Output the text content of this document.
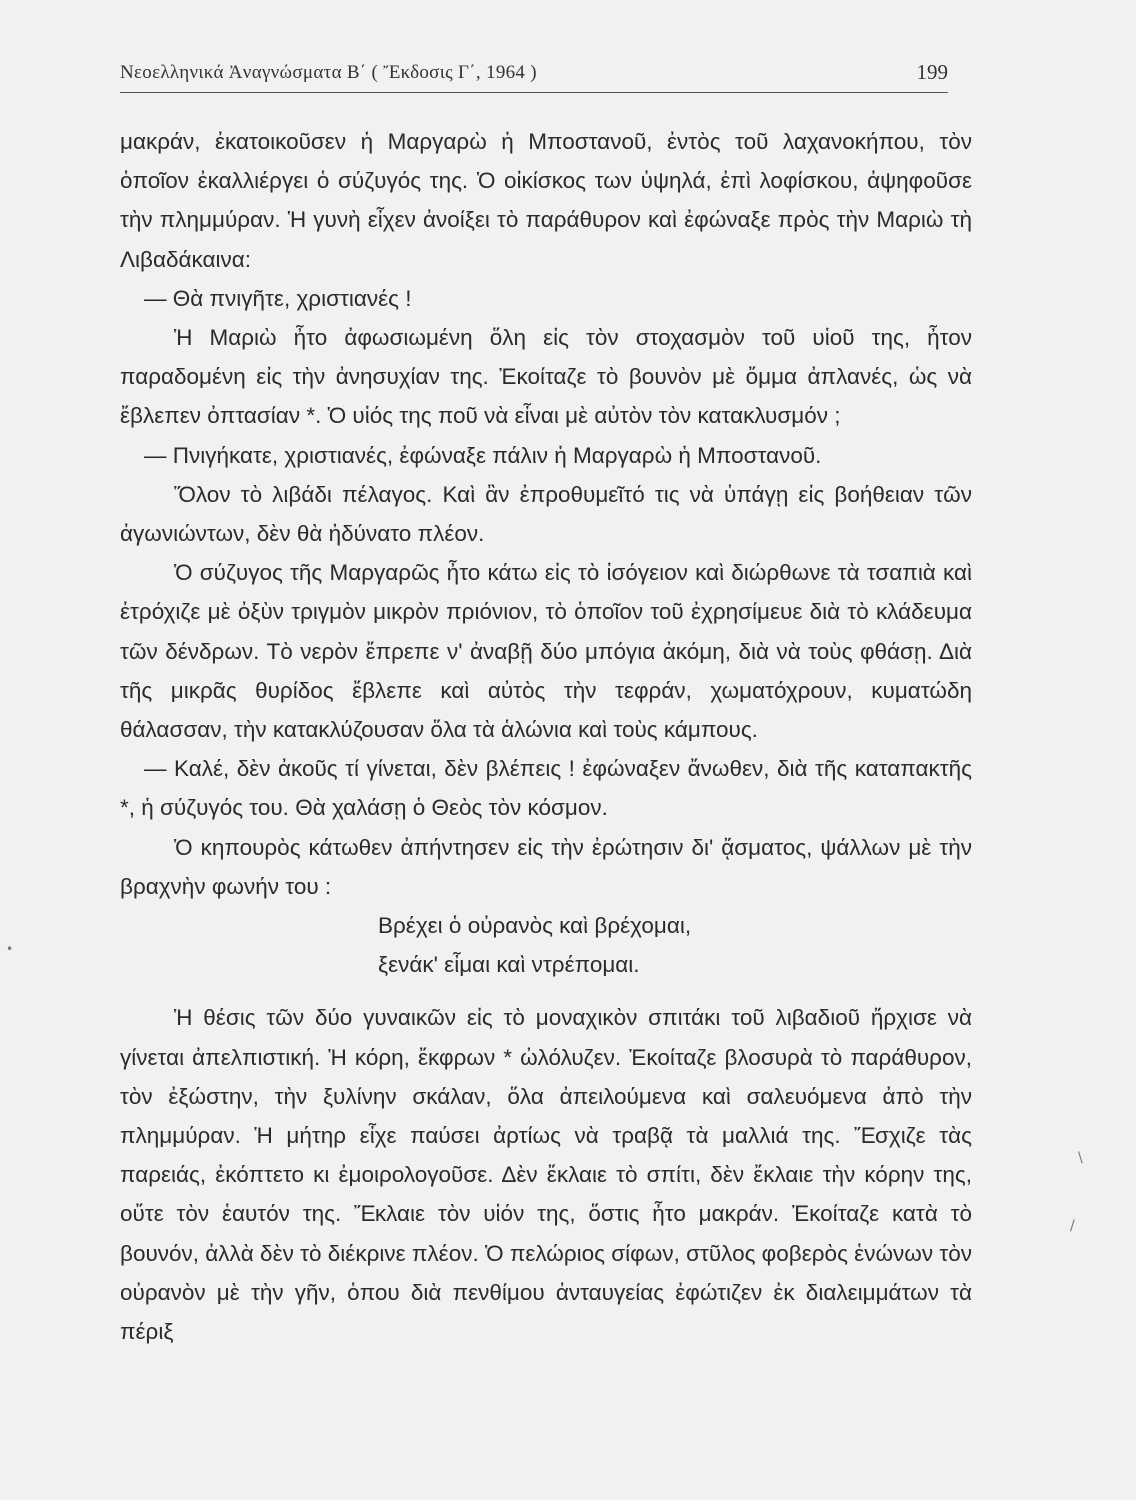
Νεοελληνικά Ἀναγνώσματα Β΄ ( Ἔκδοσις Γ΄, 1964 )	199

μακράν, ἐκατοικοῦσεν ἡ Μαργαρὼ ἡ Μποστανοῦ, ἐντὸς τοῦ λαχανοκήπου, τὸν ὁποῖον ἐκαλλιέργει ὁ σύζυγός της. Ὁ οἰκίσκος των ὑψηλά, ἐπὶ λοφίσκου, ἀψηφοῦσε τὴν πλημμύραν. Ἡ γυνὴ εἶχεν ἀνοίξει τὸ παράθυρον καὶ ἐφώναξε πρὸς τὴν Μαριὼ τὴ Λιβαδάκαινα:

— Θὰ πνιγῆτε, χριστιανές !

Ἡ Μαριὼ ἦτο ἀφωσιωμένη ὅλη εἰς τὸν στοχασμὸν τοῦ υἱοῦ της, ἦτον παραδομένη εἰς τὴν ἀνησυχίαν της. Ἐκοίταζε τὸ βουνὸν μὲ ὄμμα ἀπλανές, ὡς νὰ ἔβλεπεν ὀπτασίαν *. Ὁ υἱός της ποῦ νὰ εἶναι μὲ αὐτὸν τὸν κατακλυσμόν ;

— Πνιγήκατε, χριστιανές, ἐφώναξε πάλιν ἡ Μαργαρὼ ἡ Μποστανοῦ.

Ὅλον τὸ λιβάδι πέλαγος. Καὶ ἂν ἐπροθυμεῖτό τις νὰ ὑπάγῃ εἰς βοήθειαν τῶν ἀγωνιώντων, δὲν θὰ ἠδύνατο πλέον.

Ὁ σύζυγος τῆς Μαργαρῶς ἦτο κάτω εἰς τὸ ἰσόγειον καὶ διώρθωνε τὰ τσαπιὰ καὶ ἐτρόχιζε μὲ ὀξὺν τριγμὸν μικρὸν πριόνιον, τὸ ὁποῖον τοῦ ἐχρησίμευε διὰ τὸ κλάδευμα τῶν δένδρων. Τὸ νερὸν ἔπρεπε ν' ἀναβῇ δύο μπόγια ἀκόμη, διὰ νὰ τοὺς φθάσῃ. Διὰ τῆς μικρᾶς θυρίδος ἔβλεπε καὶ αὐτὸς τὴν τεφράν, χωματόχρουν, κυματώδη θάλασσαν, τὴν κατακλύζουσαν ὅλα τὰ ἁλώνια καὶ τοὺς κάμπους.

— Καλέ, δὲν ἀκοῦς τί γίνεται, δὲν βλέπεις ! ἐφώναξεν ἄνωθεν, διὰ τῆς καταπακτῆς *, ἡ σύζυγός του. Θὰ χαλάσῃ ὁ Θεὸς τὸν κόσμον.

Ὁ κηπουρὸς κάτωθεν ἀπήντησεν εἰς τὴν ἐρώτησιν δι' ᾄσματος, ψάλλων μὲ τὴν βραχνὴν φωνήν του :

Βρέχει ὁ οὐρανὸς καὶ βρέχομαι,
ξενάκ' εἶμαι καὶ ντρέπομαι.

Ἡ θέσις τῶν δύο γυναικῶν εἰς τὸ μοναχικὸν σπιτάκι τοῦ λιβαδιοῦ ἤρχισε νὰ γίνεται ἀπελπιστική. Ἡ κόρη, ἔκφρων * ὠλόλυζεν. Ἐκοίταζε βλοσυρὰ τὸ παράθυρον, τὸν ἐξώστην, τὴν ξυλίνην σκάλαν, ὅλα ἀπειλούμενα καὶ σαλευόμενα ἀπὸ τὴν πλημμύραν. Ἡ μήτηρ εἶχε παύσει ἀρτίως νὰ τραβᾷ τὰ μαλλιά της. Ἔσχιζε τὰς παρειάς, ἐκόπτετο κι ἐμοιρολογοῦσε. Δὲν ἔκλαιε τὸ σπίτι, δὲν ἔκλαιε τὴν κόρην της, οὔτε τὸν ἑαυτόν της. Ἔκλαιε τὸν υἱόν της, ὅστις ἦτο μακράν. Ἐκοίταζε κατὰ τὸ βουνόν, ἀλλὰ δὲν τὸ διέκρινε πλέον. Ὁ πελώριος σίφων, στῦλος φοβερὸς ἑνώνων τὸν οὐρανὸν μὲ τὴν γῆν, ὁπου διὰ πενθίμου ἀνταυγείας ἐφώτιζεν ἐκ διαλειμμάτων τὰ πέριξ

•
\
/
